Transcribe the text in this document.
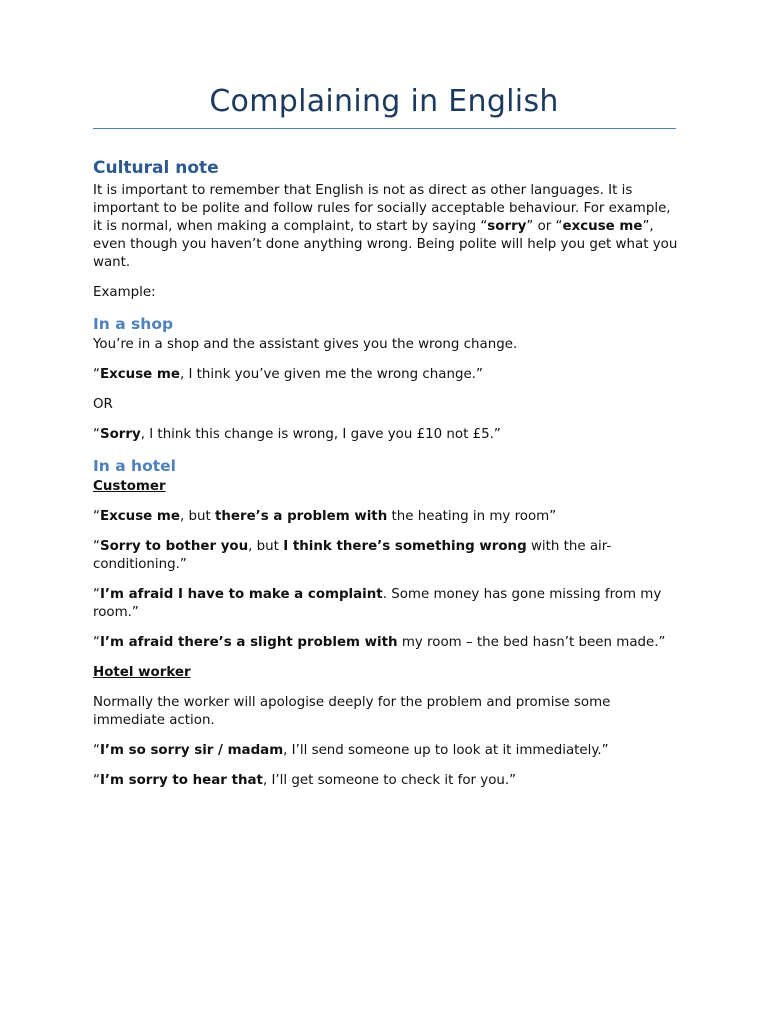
Complaining in English
Cultural note

It is important to remember that English is not as direct as other languages. It is important to be polite and follow rules for socially acceptable behaviour. For example, it is normal, when making a complaint, to start by saying “sorry” or “excuse me”, even though you haven’t done anything wrong. Being polite will help you get what you want.

Example:

In a shop

You’re in a shop and the assistant gives you the wrong change.

“Excuse me, I think you’ve given me the wrong change.”

OR

“Sorry, I think this change is wrong, I gave you £10 not £5.”

In a hotel

Customer

“Excuse me, but there’s a problem with the heating in my room”

“Sorry to bother you, but I think there’s something wrong with the air-conditioning.”

“I’m afraid I have to make a complaint. Some money has gone missing from my room.”

“I’m afraid there’s a slight problem with my room – the bed hasn’t been made.”

Hotel worker

Normally the worker will apologise deeply for the problem and promise some immediate action.

“I’m so sorry sir / madam, I’ll send someone up to look at it immediately.”

“I’m sorry to hear that, I’ll get someone to check it for you.”
